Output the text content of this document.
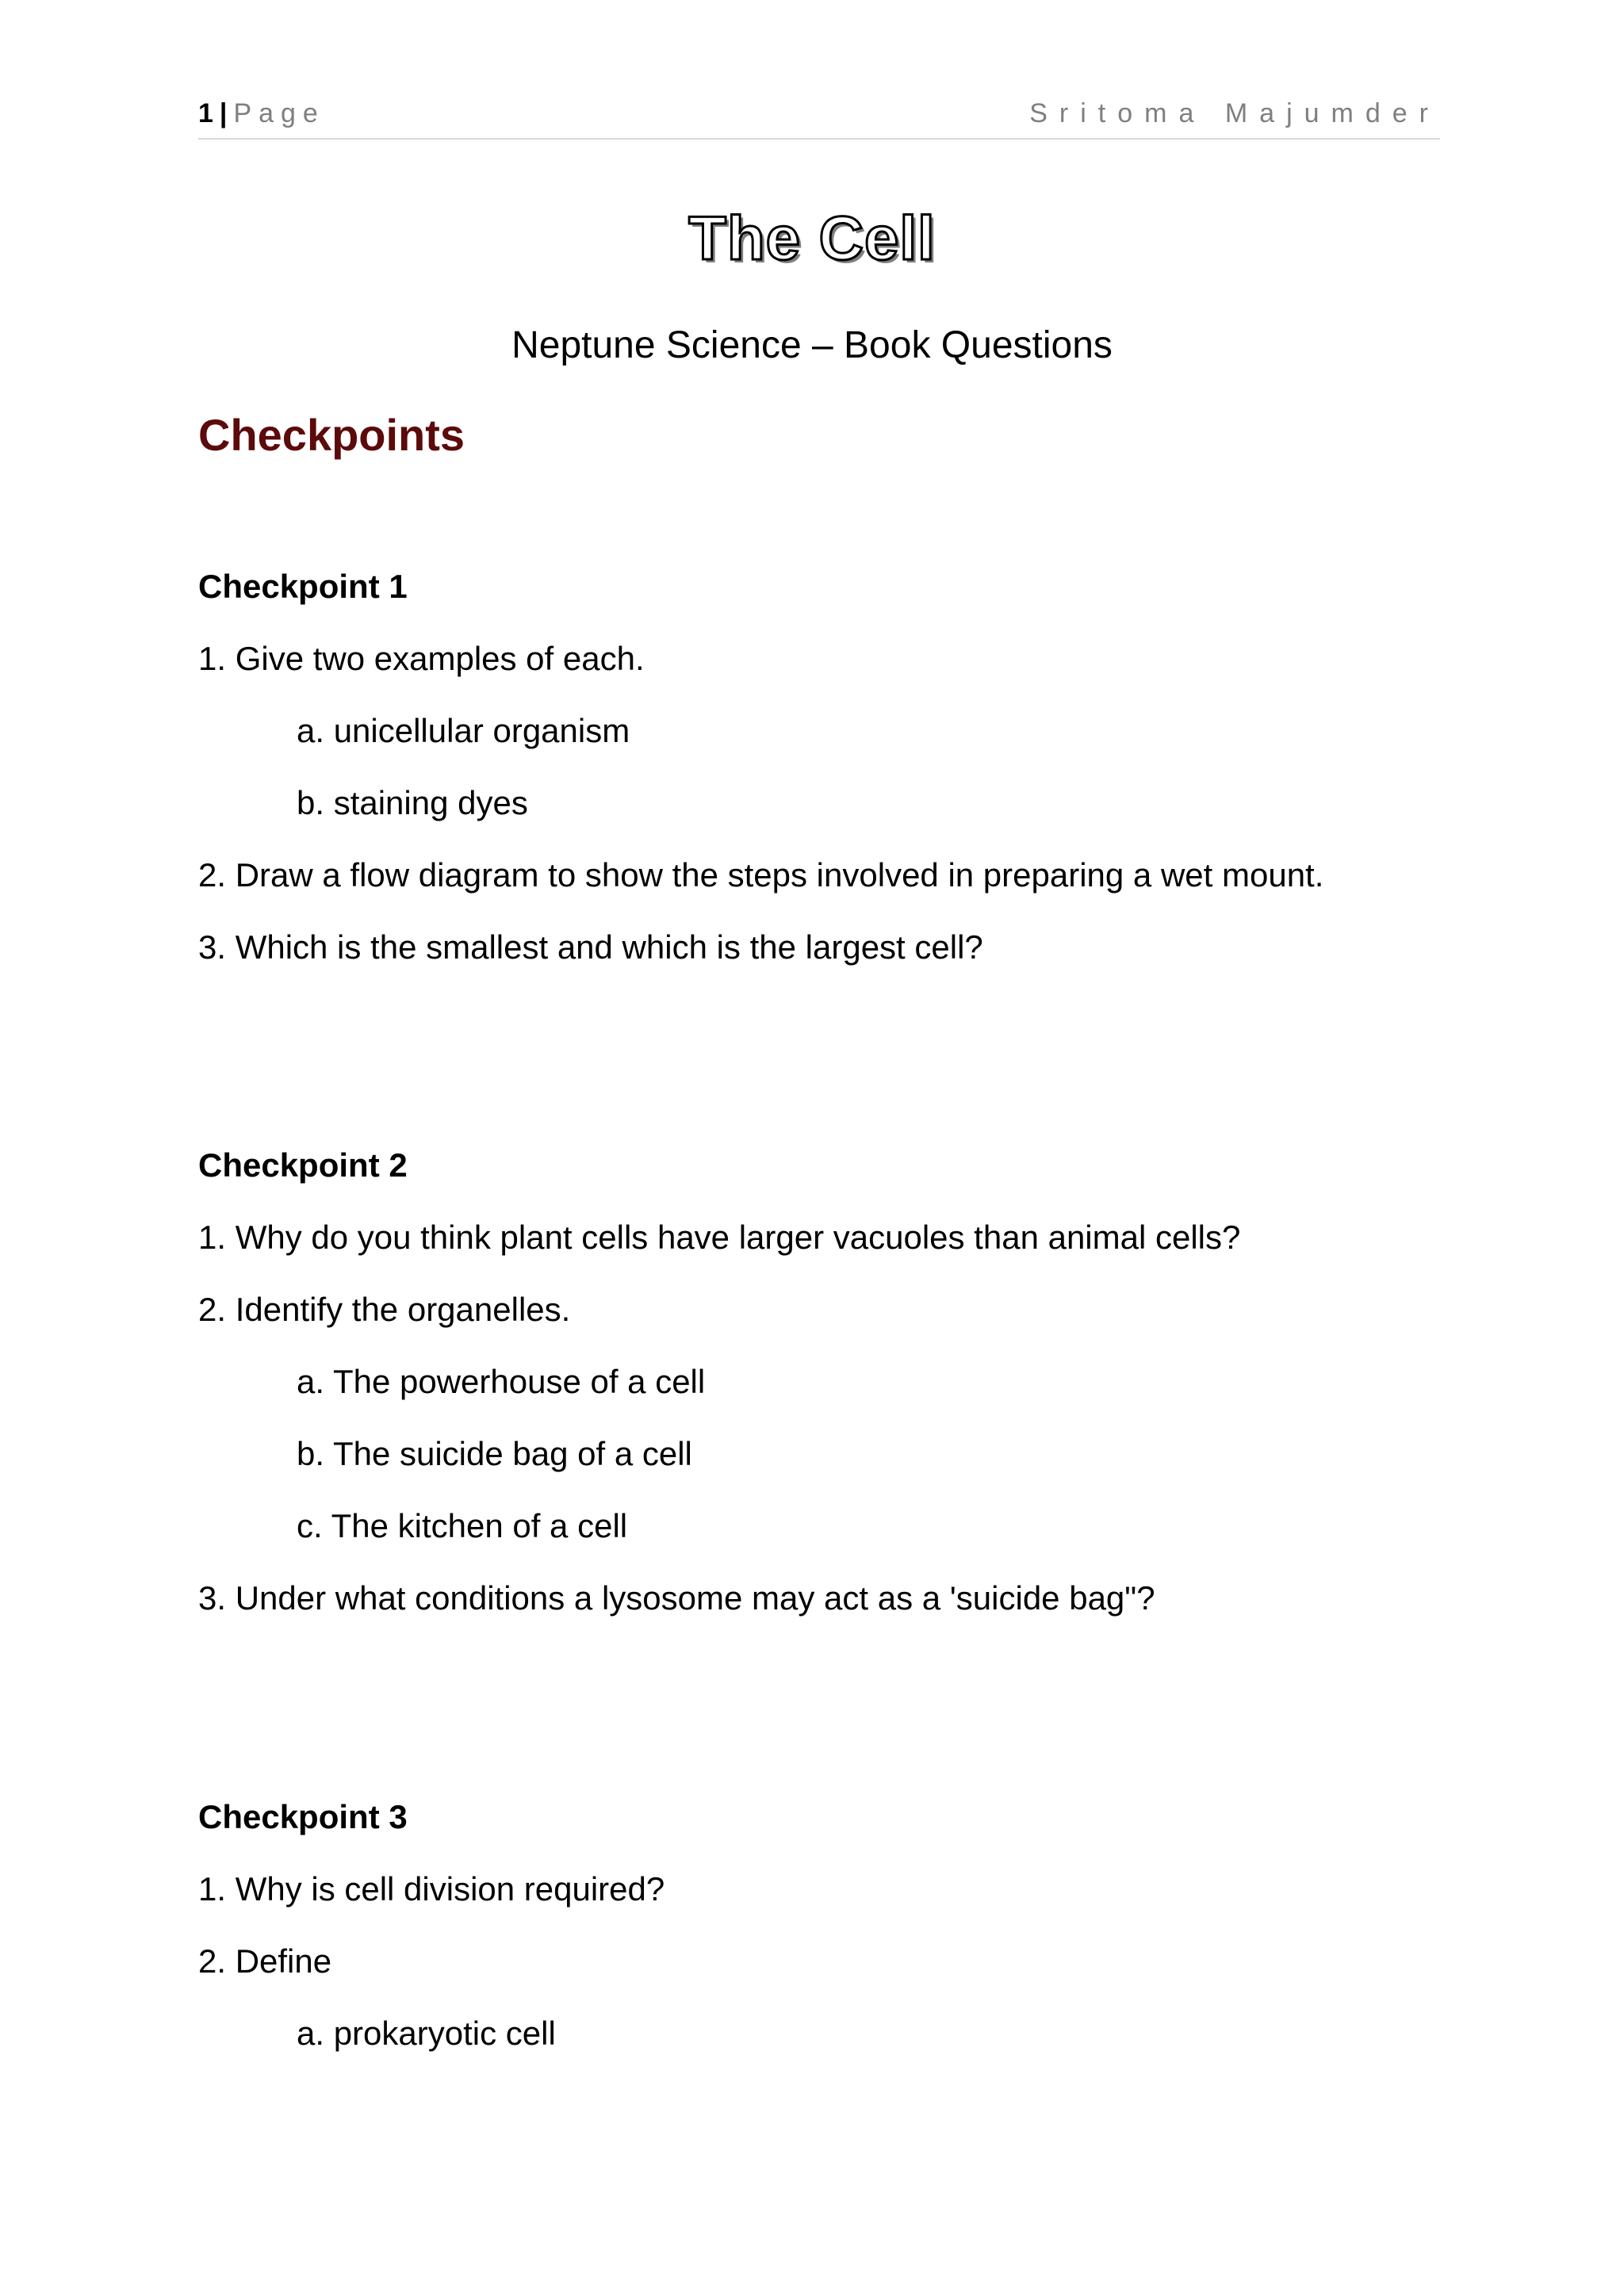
1 | Page	Sritoma Majumder
The Cell
Neptune Science – Book Questions
Checkpoints
Checkpoint 1
1. Give two examples of each.
a. unicellular organism
b. staining dyes
2. Draw a flow diagram to show the steps involved in preparing a wet mount.
3. Which is the smallest and which is the largest cell?
Checkpoint 2
1. Why do you think plant cells have larger vacuoles than animal cells?
2. Identify the organelles.
a. The powerhouse of a cell
b. The suicide bag of a cell
c. The kitchen of a cell
3. Under what conditions a lysosome may act as a 'suicide bag"?
Checkpoint 3
1. Why is cell division required?
2. Define
a. prokaryotic cell
